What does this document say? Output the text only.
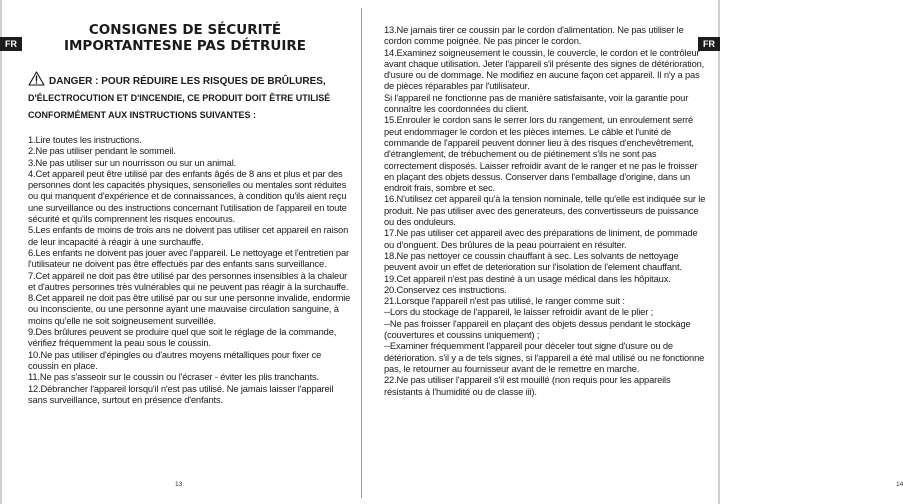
FR
CONSIGNES DE SÉCURITÉ
IMPORTANTESNE PAS DÉTRUIRE
DANGER : POUR RÉDUIRE LES RISQUES DE BRÛLURES,
D'ÉLECTROCUTION ET D'INCENDIE, CE PRODUIT DOIT ÊTRE UTILISÉ
CONFORMÉMENT AUX INSTRUCTIONS SUIVANTES :

1.Lire toutes les instructions.

2.Ne pas utiliser pendant le sommeil.

3.Ne pas utiliser sur un nourrisson ou sur un animal.

4.Cet appareil peut être utilisé par des enfants âgés de 8 ans et plus et par des personnes dont les capacités physiques, sensorielles ou mentales sont réduites ou qui manquent d'expérience et de connaissances, à condition qu'ils aient reçu une surveillance ou des instructions concernant l'utilisation de l'appareil en toute sécurité et qu'ils comprennent les risques encourus.

5.Les enfants de moins de trois ans ne doivent pas utiliser cet appareil en raison de leur incapacité à réagir à une surchauffe.

6.Les enfants ne doivent pas jouer avec l'appareil. Le nettoyage et l'entretien par l'utilisateur ne doivent pas être effectués par des enfants sans surveillance.

7.Cet appareil ne doit pas être utilisé par des personnes insensibles à la chaleur et d'autres personnes très vulnérables qui ne peuvent pas réagir à la surchauffe.

8.Cet appareil ne doit pas être utilisé par ou sur une personne invalide, endormie ou inconsciente, ou une personne ayant une mauvaise circulation sanguine, à moins qu'elle ne soit soigneusement surveillée.

9.Des brûlures peuvent se produire quel que soit le réglage de la commande, vérifiez fréquemment la peau sous le coussin.

10.Ne pas utiliser d'épingles ou d'autres moyens métalliques pour fixer ce coussin en place.

11.Ne pas s'asseoir sur le coussin ou l'écraser - éviter les plis tranchants.

12.Débrancher l'appareil lorsqu'il n'est pas utilisé. Ne jamais laisser l'appareil sans surveillance, surtout en présence d'enfants.

13
FR

13.Ne jamais tirer ce coussin par le cordon d'alimentation. Ne pas utiliser le cordon comme poignée. Ne pas pincer le cordon.

14.Examinez soigneusement le coussin, le couvercle, le cordon et le contrôleur avant chaque utilisation. Jeter l'appareil s'il présente des signes de détérioration, d'usure ou de dommage. Ne modifiez en aucune façon cet appareil. Il n'y a pas de pièces réparables par l'utilisateur.

Si l'appareil ne fonctionne pas de manière satisfaisante, voir la garantie pour connaître les coordonnées du client.

15.Enrouler le cordon sans le serrer lors du rangement, un enroulement serré peut endommager le cordon et les pièces internes. Le câble et l'unité de commande de l'appareil peuvent donner lieu à des risques d'enchevêtrement, d'étranglement, de trébuchement ou de piétinement s'ils ne sont pas correctement disposés. Laisser refroidir avant de le ranger et ne pas le froisser en plaçant des objets dessus. Conserver dans l'emballage d'origine, dans un endroit frais, sombre et sec.

16.N'utilisez cet appareil qu'à la tension nominale, telle qu'elle est indiquée sur le produit. Ne pas utiliser avec des generateurs, des convertisseurs de puissance ou des onduleurs.

17.Ne pas utiliser cet appareil avec des préparations de liniment, de pommade ou d'onguent. Des brûlures de la peau pourraient en résulter.

18.Ne pas nettoyer ce coussin chauffant à sec. Les solvants de nettoyage peuvent avoir un effet de deterioration sur l'isolation de l'element chauffant.

19.Cet appareil n'est pas destiné à un usage médical dans les hôpitaux.

20.Conservez ces instructions.

21.Lorsque l'appareil n'est pas utilisé, le ranger comme suit :

--Lors du stockage de l'appareil, le laisser refroidir avant de le plier ;

--Ne pas froisser l'appareil en plaçant des objets dessus pendant le stockage (couvertures et coussins uniquement) ;

--Examiner fréquemment l'appareil pour déceler tout signe d'usure ou de détérioration. s'il y a de tels signes, si l'appareil a été mal utilisé ou ne fonctionne pas, le retourner au fournisseur avant de le remettre en marche.

22.Ne pas utiliser l'appareil s'il est mouillé (non requis pour les appareils résistants à l'humidité ou de classe iii).

14
